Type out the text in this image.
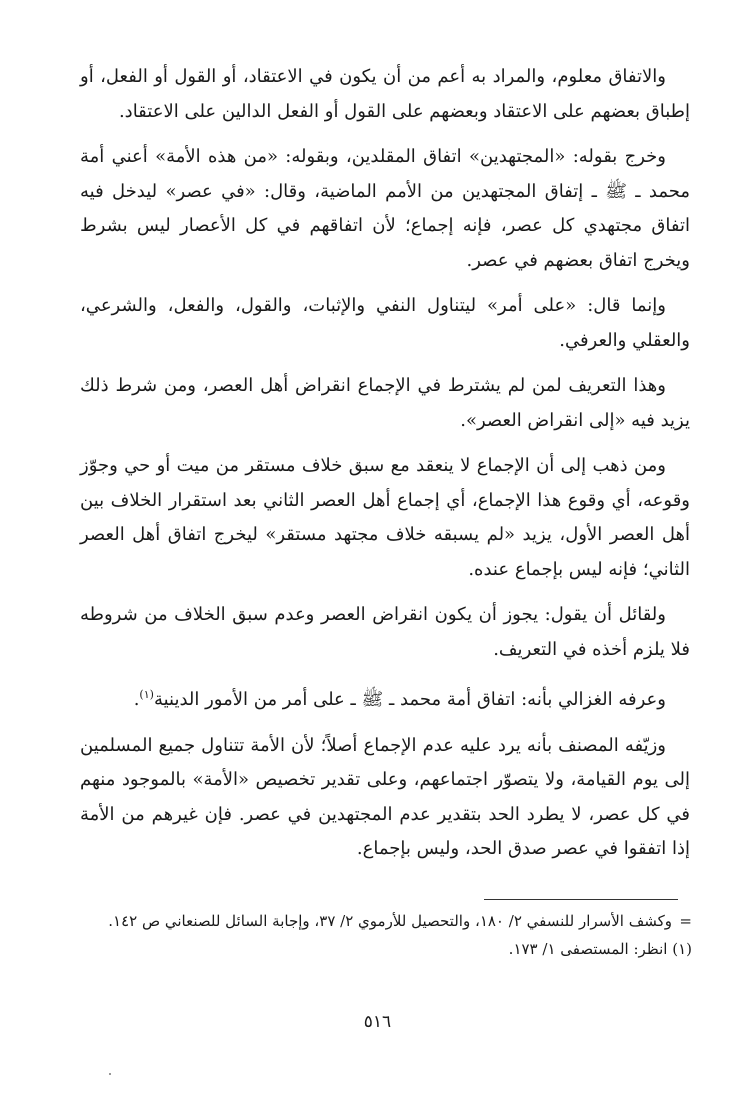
والاتفاق معلوم، والمراد به أعم من أن يكون في الاعتقاد، أو القول أو الفعل، أو إطباق بعضهم على الاعتقاد وبعضهم على القول أو الفعل الدالين على الاعتقاد.

وخرج بقوله: «المجتهدين» اتفاق المقلدين، وبقوله: «من هذه الأمة» أعني أمة محمد ـ ﷺ ـ إتفاق المجتهدين من الأمم الماضية، وقال: «في عصر» ليدخل فيه اتفاق مجتهدي كل عصر، فإنه إجماع؛ لأن اتفاقهم في كل الأعصار ليس بشرط ويخرج اتفاق بعضهم في عصر.

وإنما قال: «على أمر» ليتناول النفي والإثبات، والقول، والفعل، والشرعي، والعقلي والعرفي.

وهذا التعريف لمن لم يشترط في الإجماع انقراض أهل العصر، ومن شرط ذلك يزيد فيه «إلى انقراض العصر».

ومن ذهب إلى أن الإجماع لا ينعقد مع سبق خلاف مستقر من ميت أو حي وجوّز وقوعه، أي وقوع هذا الإجماع، أي إجماع أهل العصر الثاني بعد استقرار الخلاف بين أهل العصر الأول، يزيد «لم يسبقه خلاف مجتهد مستقر» ليخرج اتفاق أهل العصر الثاني؛ فإنه ليس بإجماع عنده.

ولقائل أن يقول: يجوز أن يكون انقراض العصر وعدم سبق الخلاف من شروطه فلا يلزم أخذه في التعريف.

وعرفه الغزالي بأنه: اتفاق أمة محمد ـ ﷺ ـ على أمر من الأمور الدينية$^{(١)}$.

وزيّفه المصنف بأنه يرد عليه عدم الإجماع أصلاً؛ لأن الأمة تتناول جميع المسلمين إلى يوم القيامة، ولا يتصوّر اجتماعهم، وعلى تقدير تخصيص «الأمة» بالموجود منهم في كل عصر، لا يطرد الحد بتقدير عدم المجتهدين في عصر. فإن غيرهم من الأمة إذا اتفقوا في عصر صدق الحد، وليس بإجماع.

=
وكشف الأسرار للنسفي ٢/ ١٨٠، والتحصيل للأرموي ٢/ ٣٧، وإجابة السائل للصنعاني ص ١٤٢.

(١) انظر: المستصفى ١/ ١٧٣.

٥١٦
